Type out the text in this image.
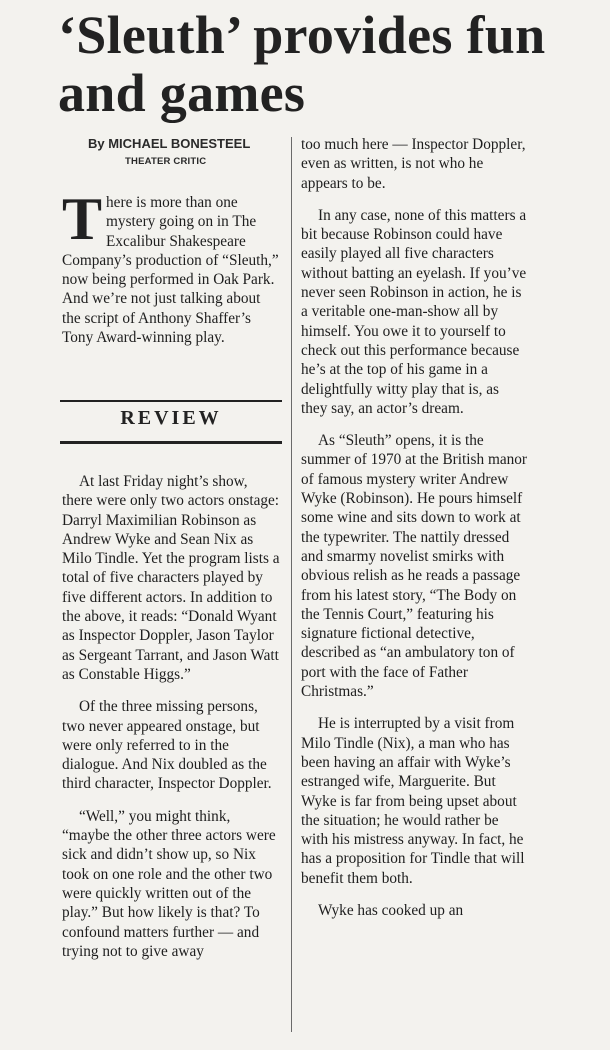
‘Sleuth’ provides fun and games
By MICHAEL BONESTEEL
THEATER CRITIC

There is more than one mystery going on in The Excalibur Shakespeare Company’s production of “Sleuth,” now being performed in Oak Park. And we’re not just talking about the script of Anthony Shaffer’s Tony Award-winning play.

REVIEW

At last Friday night’s show, there were only two actors onstage: Darryl Maximilian Robinson as Andrew Wyke and Sean Nix as Milo Tindle. Yet the program lists a total of five characters played by five different actors. In addition to the above, it reads: “Donald Wyant as Inspector Doppler, Jason Taylor as Sergeant Tarrant, and Jason Watt as Constable Higgs.”

Of the three missing persons, two never appeared onstage, but were only referred to in the dialogue. And Nix doubled as the third character, Inspector Doppler.

“Well,” you might think, “maybe the other three actors were sick and didn’t show up, so Nix took on one role and the other two were quickly written out of the play.” But how likely is that? To confound matters further — and trying not to give away

too much here — Inspector Doppler, even as written, is not who he appears to be.

In any case, none of this matters a bit because Robinson could have easily played all five characters without batting an eyelash. If you’ve never seen Robinson in action, he is a veritable one-man-show all by himself. You owe it to yourself to check out this performance because he’s at the top of his game in a delightfully witty play that is, as they say, an actor’s dream.

As “Sleuth” opens, it is the summer of 1970 at the British manor of famous mystery writer Andrew Wyke (Robinson). He pours himself some wine and sits down to work at the typewriter. The nattily dressed and smarmy novelist smirks with obvious relish as he reads a passage from his latest story, “The Body on the Tennis Court,” featuring his signature fictional detective, described as “an ambulatory ton of port with the face of Father Christmas.”

He is interrupted by a visit from Milo Tindle (Nix), a man who has been having an affair with Wyke’s estranged wife, Marguerite. But Wyke is far from being upset about the situation; he would rather be with his mistress anyway. In fact, he has a proposition for Tindle that will benefit them both.

Wyke has cooked up an
